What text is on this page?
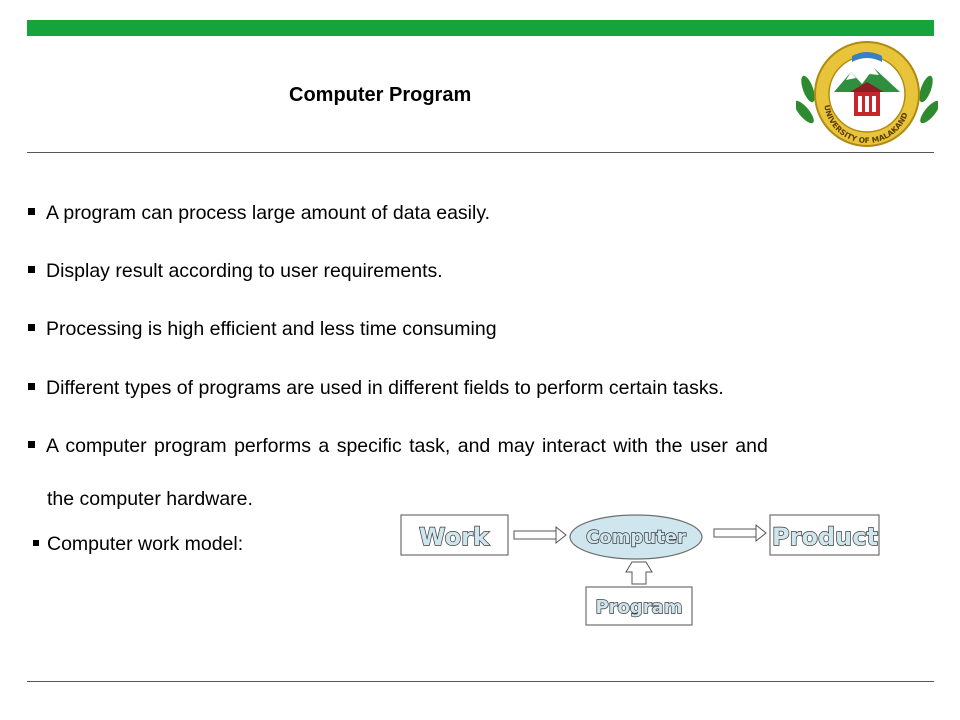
Computer Program
UNIVERSITY OF MALAKAND
A program can process large amount of data easily.
Display result according to user requirements.
Processing is high efficient and less time consuming
Different types of programs are used in different fields to perform certain tasks.
A computer program performs a specific task, and may interact with the user and
the computer hardware.
Computer work model:	Work	Computer	Product
Program
